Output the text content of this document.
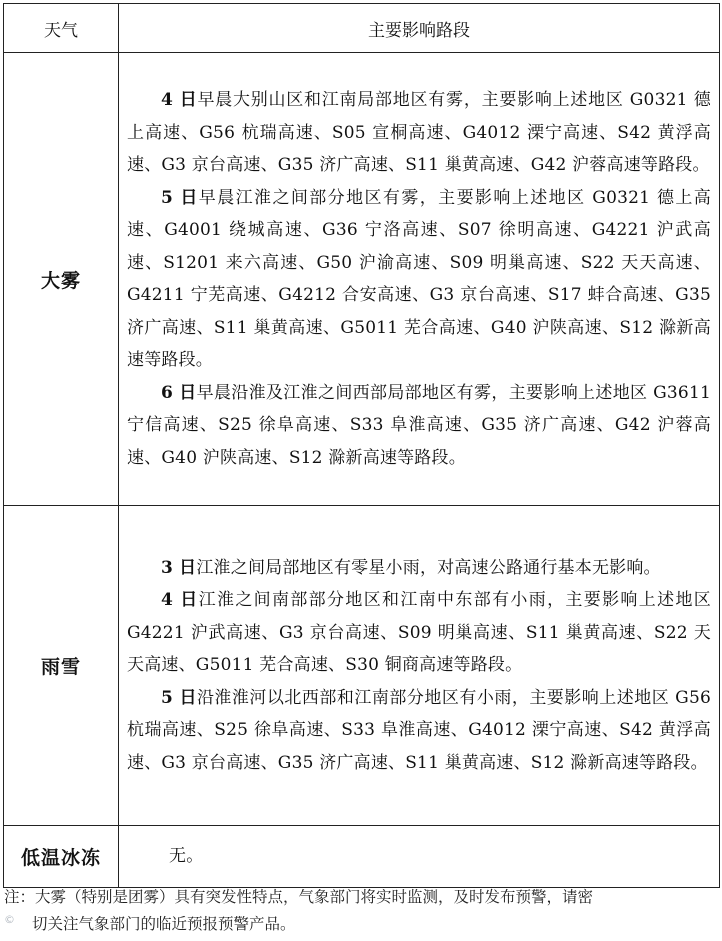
天气	主要影响路段
大雾	4 日早晨大别山区和江南局部地区有雾，主要影响上述地区 G0321 德上高速、G56 杭瑞高速、S05 宣桐高速、G4012 溧宁高速、S42 黄浮高速、G3 京台高速、G35 济广高速、S11 巢黄高速、G42 沪蓉高速等路段。

5 日早晨江淮之间部分地区有雾，主要影响上述地区 G0321 德上高速、G4001 绕城高速、G36 宁洛高速、S07 徐明高速、G4221 沪武高速、S1201 来六高速、G50 沪渝高速、S09 明巢高速、S22 天天高速、G4211 宁芜高速、G4212 合安高速、G3 京台高速、S17 蚌合高速、G35 济广高速、S11 巢黄高速、G5011 芜合高速、G40 沪陕高速、S12 滁新高速等路段。

6 日早晨沿淮及江淮之间西部局部地区有雾，主要影响上述地区 G3611 宁信高速、S25 徐阜高速、S33 阜淮高速、G35 济广高速、G42 沪蓉高速、G40 沪陕高速、S12 滁新高速等路段。

雨雪	3 日江淮之间局部地区有零星小雨，对高速公路通行基本无影响。

4 日江淮之间南部部分地区和江南中东部有小雨，主要影响上述地区 G4221 沪武高速、G3 京台高速、S09 明巢高速、S11 巢黄高速、S22 天天高速、G5011 芜合高速、S30 铜商高速等路段。

5 日沿淮淮河以北西部和江南部分地区有小雨，主要影响上述地区 G56 杭瑞高速、S25 徐阜高速、S33 阜淮高速、G4012 溧宁高速、S42 黄浮高速、G3 京台高速、G35 济广高速、S11 巢黄高速、S12 滁新高速等路段。

低温冰冻	无。
注：大雾（特别是团雾）具有突发性特点，气象部门将实时监测，及时发布预警，请密
切关注气象部门的临近预报预警产品。
©
